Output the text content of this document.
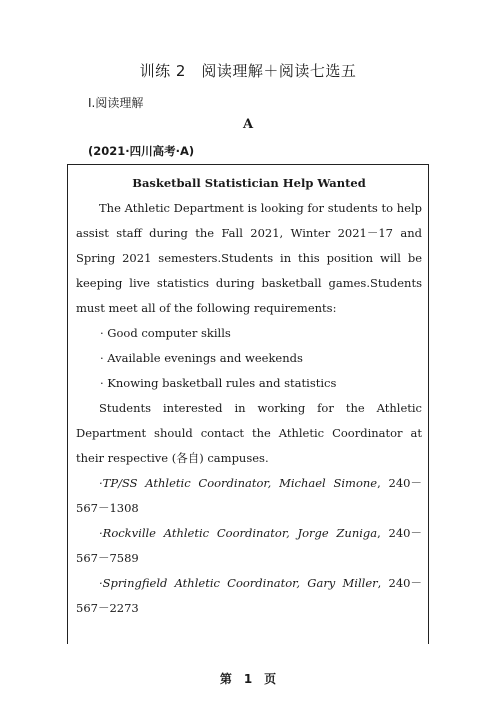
训练 2　阅读理解＋阅读七选五
Ⅰ.阅读理解
A
(2021·四川高考·A)

Basketball Statistician Help Wanted

The Athletic Department is looking for students to help assist staff during the Fall 2021, Winter 2021－17 and Spring 2021 semesters.Students in this position will be keeping live statistics during basketball games.Students must meet all of the following requirements:

· Good computer skills

· Available evenings and weekends

· Knowing basketball rules and statistics

Students interested in working for the Athletic Department should contact the Athletic Coordinator at their respective (各自) campuses.

·TP/SS Athletic Coordinator, Michael Simone, 240－567－1308

·Rockville Athletic Coordinator, Jorge Zuniga, 240－567－7589

·Springfield Athletic Coordinator, Gary Miller, 240－567－2273

第　1　页
